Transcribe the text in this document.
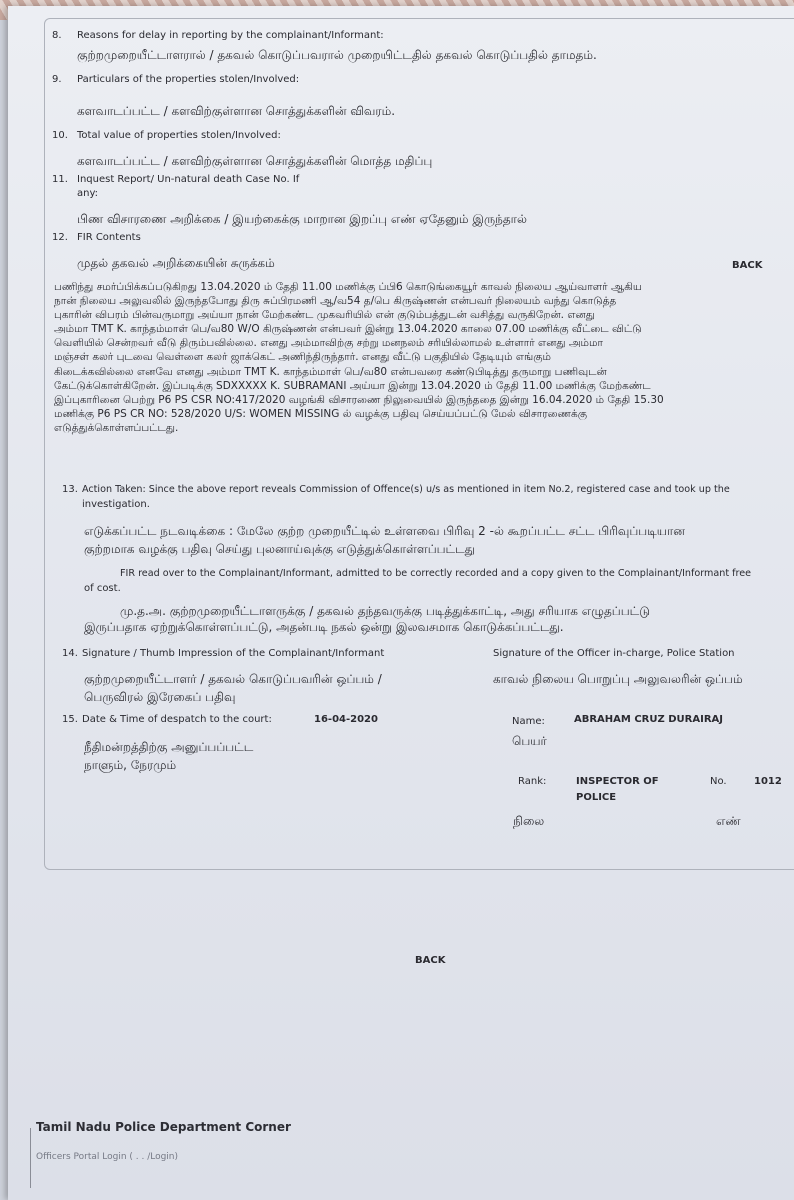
8. Reasons for delay in reporting by the complainant/Informant:
குற்றமுறையீட்டாளரால் / தகவல் கொடுப்பவரால் முறையிட்டதில் தகவல் கொடுப்பதில் தாமதம்.
9. Particulars of the properties stolen/Involved:
களவாடப்பட்ட / களவிற்குள்ளான சொத்துக்களின் விவரம்.
10. Total value of properties stolen/Involved:
களவாடப்பட்ட / களவிற்குள்ளான சொத்துக்களின் மொத்த மதிப்பு
11. Inquest Report/ Un-natural death Case No. If
any:
பிண விசாரணை அறிக்கை / இயற்கைக்கு மாறான இறப்பு எண் ஏதேனும் இருந்தால்
12. FIR Contents
முதல் தகவல் அறிக்கையின் சுருக்கம்	BACK
பணிந்து சமர்ப்பிக்கப்படுகிறது 13.04.2020 ம் தேதி 11.00 மணிக்கு ப்பி6 கொடுங்கையூர் காவல் நிலைய ஆய்வாளர் ஆகிய
நான் நிலைய அலுவலில் இருந்தபோது திரு சுப்பிரமணி ஆ/வ54 த/பெ கிருஷ்ணன் என்பவர் நிலையம் வந்து கொடுத்த
புகாரின் விபரம் பின்வருமாறு அய்யா நான் மேற்கண்ட முகவரியில் என் குடும்பத்துடன் வசித்து வருகிறேன். எனது
அம்மா TMT K. காந்தம்மாள் பெ/வ80 W/O கிருஷ்ணன் என்பவர் இன்று 13.04.2020 காலை 07.00 மணிக்கு வீட்டை விட்டு
வெளியில் சென்றவர் வீடு திரும்பவில்லை. எனது அம்மாவிற்கு சற்று மனநலம் சரியில்லாமல் உள்ளார் எனது அம்மா
மஞ்சள் கலர் புடவை வெள்ளை கலர் ஜாக்கெட் அணிந்திருந்தார். எனது வீட்டு பகுதியில் தேடியும் எங்கும்
கிடைக்கவில்லை எனவே எனது அம்மா TMT K. காந்தம்மாள் பெ/வ80 என்பவரை கண்டுபிடித்து தருமாறு பணிவுடன்
கேட்டுக்கொள்கிறேன். இப்படிக்கு SDXXXXX K. SUBRAMANI அய்யா இன்று 13.04.2020 ம் தேதி 11.00 மணிக்கு மேற்கண்ட
இப்புகாரினை பெற்று P6 PS CSR NO:417/2020 வழங்கி விசாரணை நிலுவையில் இருந்ததை இன்று 16.04.2020 ம் தேதி 15.30
மணிக்கு P6 PS CR NO: 528/2020 U/S: WOMEN MISSING ல் வழக்கு பதிவு செய்யப்பட்டு மேல் விசாரணைக்கு
எடுத்துக்கொள்ளப்பட்டது.
13. Action Taken: Since the above report reveals Commission of Offence(s) u/s as mentioned in item No.2, registered case and took up the
investigation.
எடுக்கப்பட்ட நடவடிக்கை : மேலே குற்ற முறையீட்டில் உள்ளவை பிரிவு 2 -ல் கூறப்பட்ட சட்ட பிரிவுப்படியான
குற்றமாக வழக்கு பதிவு செய்து புலனாய்வுக்கு எடுத்துக்கொள்ளப்பட்டது
FIR read over to the Complainant/Informant, admitted to be correctly recorded and a copy given to the Complainant/Informant free
of cost.
மு.த.அ. குற்றமுறையீட்டாளருக்கு / தகவல் தந்தவருக்கு படித்துக்காட்டி, அது சரியாக எழுதப்பட்டு
இருப்பதாக ஏற்றுக்கொள்ளப்பட்டு, அதன்படி நகல் ஒன்று இலவசமாக கொடுக்கப்பட்டது.
14. Signature / Thumb Impression of the Complainant/Informant	Signature of the Officer in-charge, Police Station
குற்றமுறையீட்டாளர் / தகவல் கொடுப்பவரின் ஒப்பம் /
பெருவிரல் இரேகைப் பதிவு
காவல் நிலைய பொறுப்பு அலுவலரின் ஒப்பம்
15. Date & Time of despatch to the court:	16-04-2020
நீதிமன்றத்திற்கு அனுப்பப்பட்ட
நாளும், நேரமும்
Name:	ABRAHAM CRUZ DURAIRAJ
பெயர்
Rank:	INSPECTOR OF
POLICE
No.	1012
நிலை	எண்
BACK
Tamil Nadu Police Department Corner
Officers Portal Login ( . . /Login)
